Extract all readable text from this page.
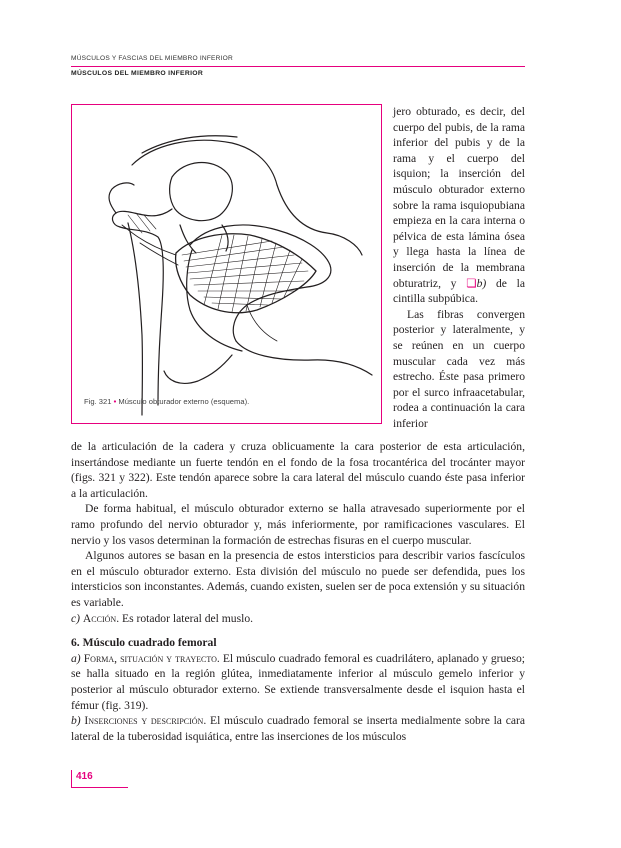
MÚSCULOS Y FASCIAS DEL MIEMBRO INFERIOR
MÚSCULOS DEL MIEMBRO INFERIOR
Fig. 321 • Músculo obturador externo (esquema).

jero obturado, es decir, del cuerpo del pubis, de la rama inferior del pubis y de la rama y el cuerpo del isquion; la inserción del músculo obturador externo sobre la rama isquiopubiana empieza en la cara interna o pélvica de esta lámina ósea y llega hasta la línea de inserción de la membrana obturatriz, y ❏b) de la cintilla subpúbica.

Las fibras convergen posterior y lateralmente, y se reúnen en un cuerpo muscular cada vez más estrecho. Éste pasa primero por el surco infraacetabular, rodea a continuación la cara inferior

de la articulación de la cadera y cruza oblicuamente la cara posterior de esta articulación, insertándose mediante un fuerte tendón en el fondo de la fosa trocantérica del trocánter mayor (figs. 321 y 322). Este tendón aparece sobre la cara lateral del músculo cuando éste pasa inferior a la articulación.

De forma habitual, el músculo obturador externo se halla atravesado superiormente por el ramo profundo del nervio obturador y, más inferiormente, por ramificaciones vasculares. El nervio y los vasos determinan la formación de estrechas fisuras en el cuerpo muscular.

Algunos autores se basan en la presencia de estos intersticios para describir varios fascículos en el músculo obturador externo. Esta división del músculo no puede ser defendida, pues los intersticios son inconstantes. Además, cuando existen, suelen ser de poca extensión y su situación es variable.

c) Acción. Es rotador lateral del muslo.

6. Músculo cuadrado femoral

a) Forma, situación y trayecto. El músculo cuadrado femoral es cuadrilátero, aplanado y grueso; se halla situado en la región glútea, inmediatamente inferior al músculo gemelo inferior y posterior al músculo obturador externo. Se extiende transversalmente desde el isquion hasta el fémur (fig. 319).

b) Inserciones y descripción. El músculo cuadrado femoral se inserta medialmente sobre la cara lateral de la tuberosidad isquiática, entre las inserciones de los músculos

416
